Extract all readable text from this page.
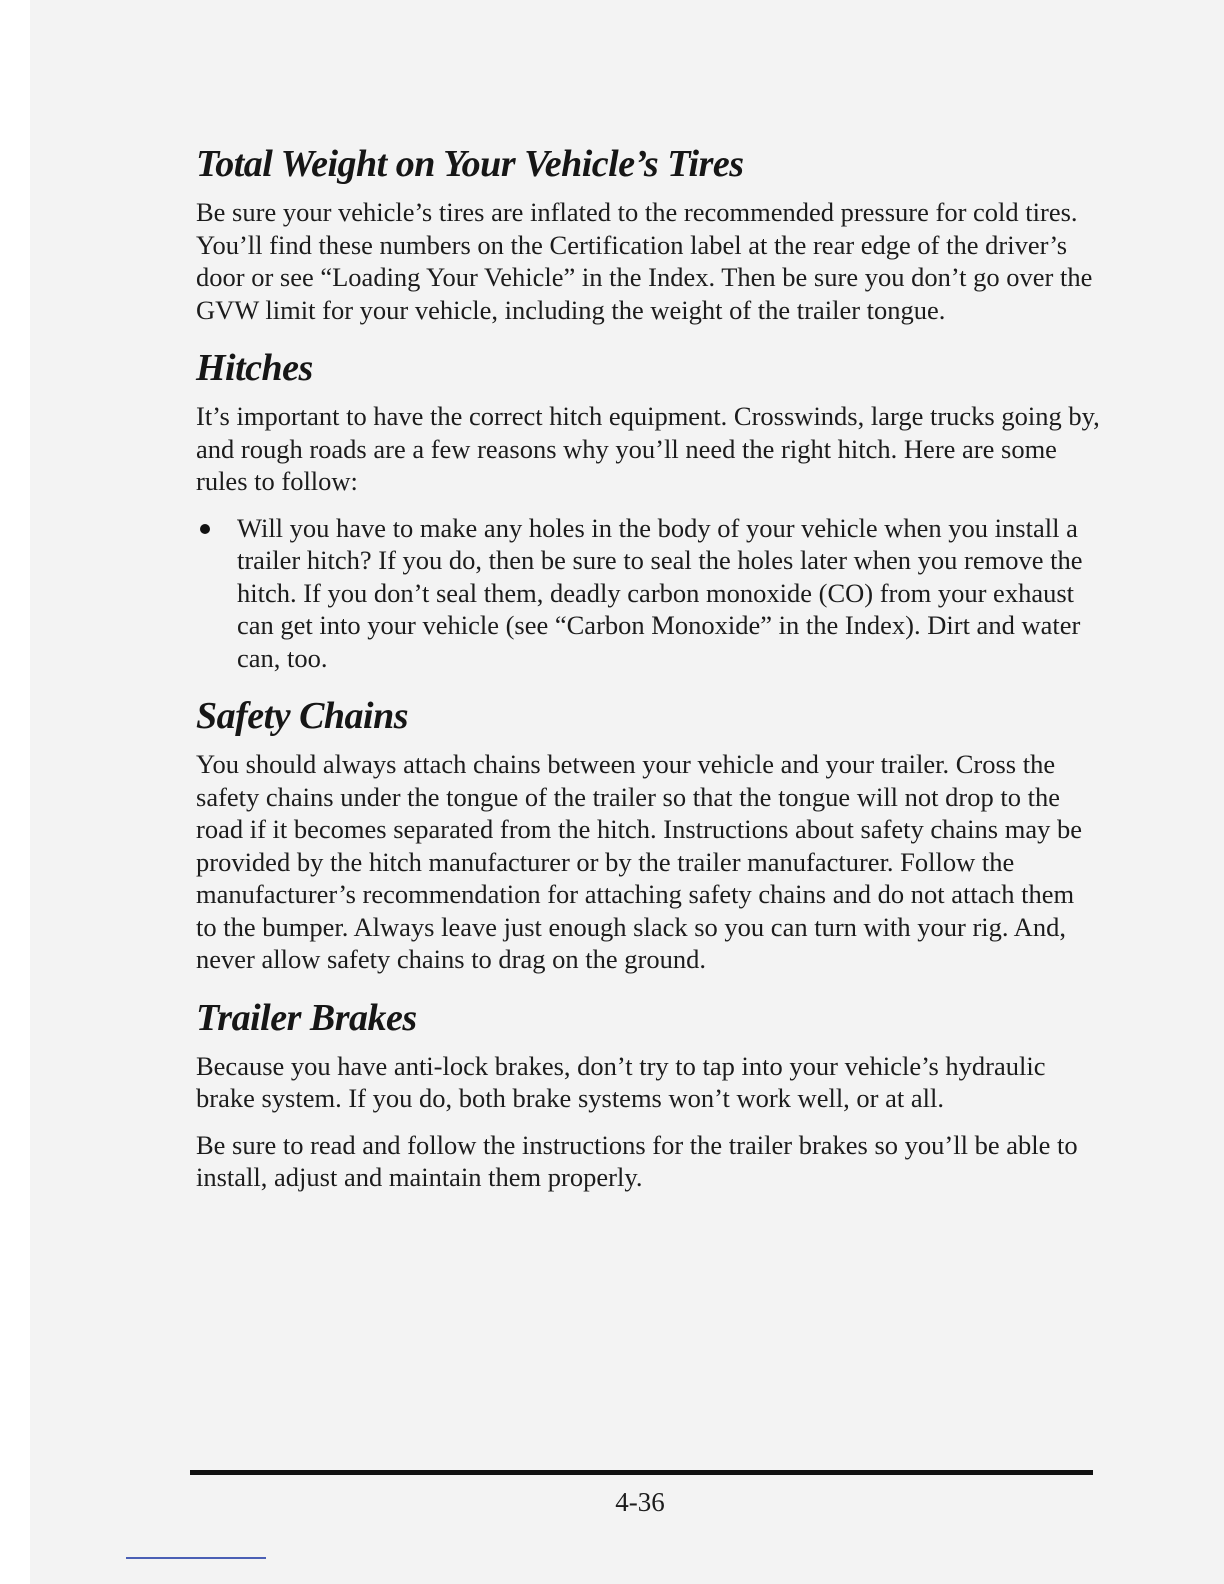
Total Weight on Your Vehicle’s Tires

Be sure your vehicle’s tires are inflated to the recommended pressure for cold tires. You’ll find these numbers on the Certification label at the rear edge of the driver’s door or see “Loading Your Vehicle” in the Index. Then be sure you don’t go over the GVW limit for your vehicle, including the weight of the trailer tongue.

Hitches

It’s important to have the correct hitch equipment. Crosswinds, large trucks going by, and rough roads are a few reasons why you’ll need the right hitch. Here are some rules to follow:

Will you have to make any holes in the body of your vehicle when you install a trailer hitch? If you do, then be sure to seal the holes later when you remove the hitch. If you don’t seal them, deadly carbon monoxide (CO) from your exhaust can get into your vehicle (see “Carbon Monoxide” in the Index). Dirt and water can, too.
Safety Chains

You should always attach chains between your vehicle and your trailer. Cross the safety chains under the tongue of the trailer so that the tongue will not drop to the road if it becomes separated from the hitch. Instructions about safety chains may be provided by the hitch manufacturer or by the trailer manufacturer. Follow the manufacturer’s recommendation for attaching safety chains and do not attach them to the bumper. Always leave just enough slack so you can turn with your rig. And, never allow safety chains to drag on the ground.

Trailer Brakes

Because you have anti-lock brakes, don’t try to tap into your vehicle’s hydraulic brake system. If you do, both brake systems won’t work well, or at all.

Be sure to read and follow the instructions for the trailer brakes so you’ll be able to install, adjust and maintain them properly.

4-36
